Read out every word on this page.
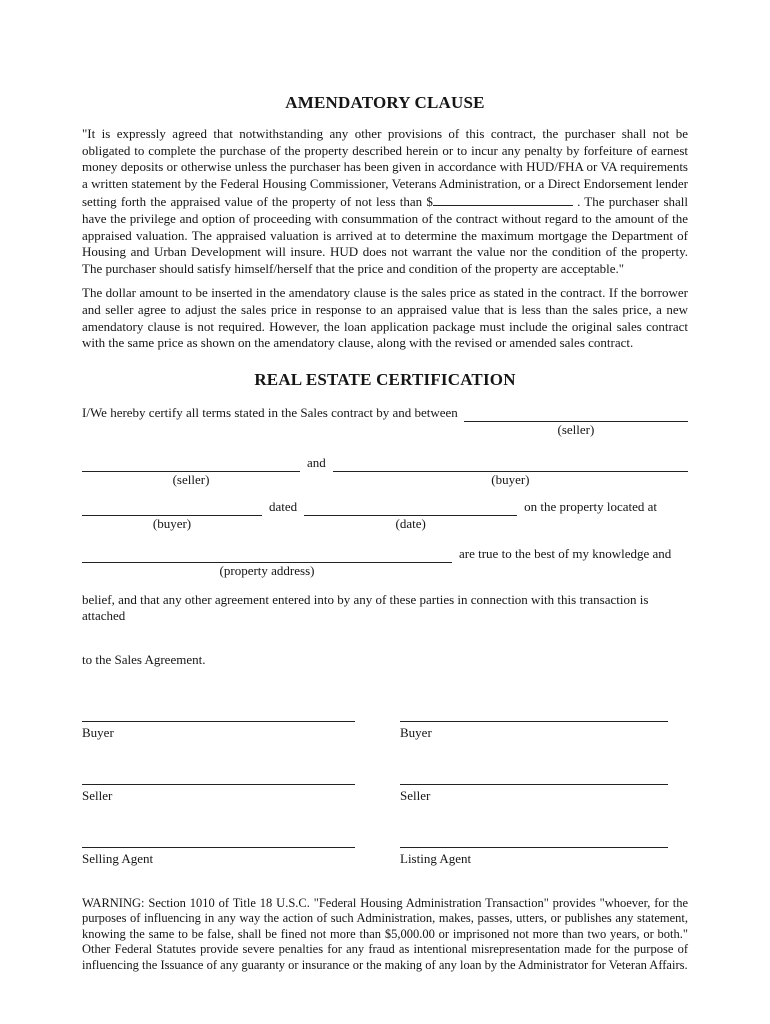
AMENDATORY CLAUSE

"It is expressly agreed that notwithstanding any other provisions of this contract, the purchaser shall not be obligated to complete the purchase of the property described herein or to incur any penalty by forfeiture of earnest money deposits or otherwise unless the purchaser has been given in accordance with HUD/FHA or VA requirements a written statement by the Federal Housing Commissioner, Veterans Administration, or a Direct Endorsement lender setting forth the appraised value of the property of not less than $	. The purchaser shall have the privilege and option of proceeding with consummation of the contract without regard to the amount of the appraised valuation. The appraised valuation is arrived at to determine the maximum mortgage the Department of Housing and Urban Development will insure. HUD does not warrant the value nor the condition of the property. The purchaser should satisfy himself/herself that the price and condition of the property are acceptable."

The dollar amount to be inserted in the amendatory clause is the sales price as stated in the contract. If the borrower and seller agree to adjust the sales price in response to an appraised value that is less than the sales price, a new amendatory clause is not required. However, the loan application package must include the original sales contract with the same price as shown on the amendatory clause, along with the revised or amended sales contract.

REAL ESTATE CERTIFICATION
I/We hereby certify all terms stated in the Sales contract by and between
(seller)
(seller)
and
(buyer)
(buyer)
dated
(date)
on the property located at
(property address)
are true to the best of my knowledge and

belief, and that any other agreement entered into by any of these parties in connection with this transaction is attached

to the Sales Agreement.

Buyer	Buyer
Seller	Seller
Selling Agent	Listing Agent

WARNING: Section 1010 of Title 18 U.S.C. "Federal Housing Administration Transaction" provides "whoever, for the purposes of influencing in any way the action of such Administration, makes, passes, utters, or publishes any statement, knowing the same to be false, shall be fined not more than $5,000.00 or imprisoned not more than two years, or both." Other Federal Statutes provide severe penalties for any fraud as intentional misrepresentation made for the purpose of influencing the Issuance of any guaranty or insurance or the making of any loan by the Administrator for Veteran Affairs.
